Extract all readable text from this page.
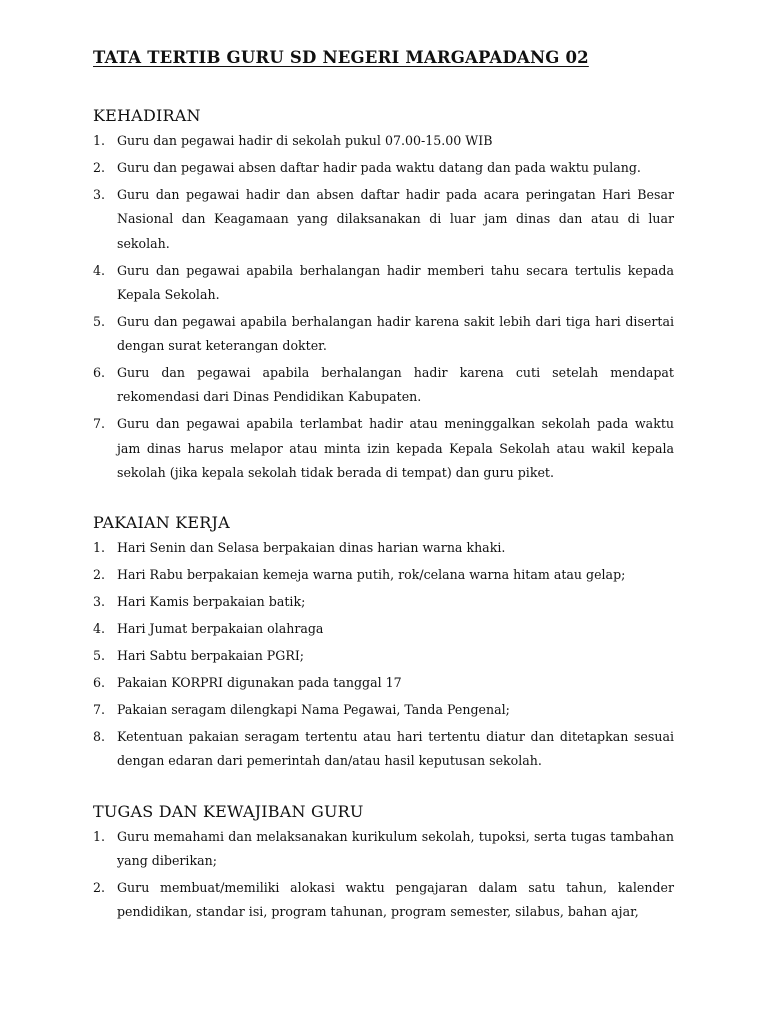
TATA TERTIB GURU SD NEGERI MARGAPADANG 02
KEHADIRAN
1. Guru dan pegawai hadir di sekolah pukul 07.00-15.00 WIB
2. Guru dan pegawai absen daftar hadir pada waktu datang dan pada waktu pulang.
3. Guru dan pegawai hadir dan absen daftar hadir pada acara peringatan Hari Besar Nasional dan Keagamaan yang dilaksanakan di luar jam dinas dan atau di luar sekolah.
4. Guru dan pegawai apabila berhalangan hadir memberi tahu secara tertulis kepada Kepala Sekolah.
5. Guru dan pegawai apabila berhalangan hadir karena sakit lebih dari tiga hari disertai dengan surat keterangan dokter.
6. Guru dan pegawai apabila berhalangan hadir karena cuti setelah mendapat rekomendasi dari Dinas Pendidikan Kabupaten.
7. Guru dan pegawai apabila terlambat hadir atau meninggalkan sekolah pada waktu jam dinas harus melapor atau minta izin kepada Kepala Sekolah atau wakil kepala sekolah (jika kepala sekolah tidak berada di tempat) dan guru piket.
PAKAIAN KERJA
1. Hari Senin dan Selasa berpakaian dinas harian warna khaki.
2. Hari Rabu berpakaian kemeja warna putih, rok/celana warna hitam atau gelap;
3. Hari Kamis berpakaian batik;
4. Hari Jumat berpakaian olahraga
5. Hari Sabtu berpakaian PGRI;
6. Pakaian KORPRI digunakan pada tanggal 17
7. Pakaian seragam dilengkapi Nama Pegawai, Tanda Pengenal;
8. Ketentuan pakaian seragam tertentu atau hari tertentu diatur dan ditetapkan sesuai dengan edaran dari pemerintah dan/atau hasil keputusan sekolah.
TUGAS DAN KEWAJIBAN GURU
1. Guru memahami dan melaksanakan kurikulum sekolah, tupoksi, serta tugas tambahan yang diberikan;
2. Guru membuat/memiliki alokasi waktu pengajaran dalam satu tahun, kalender pendidikan, standar isi, program tahunan, program semester, silabus, bahan ajar,
